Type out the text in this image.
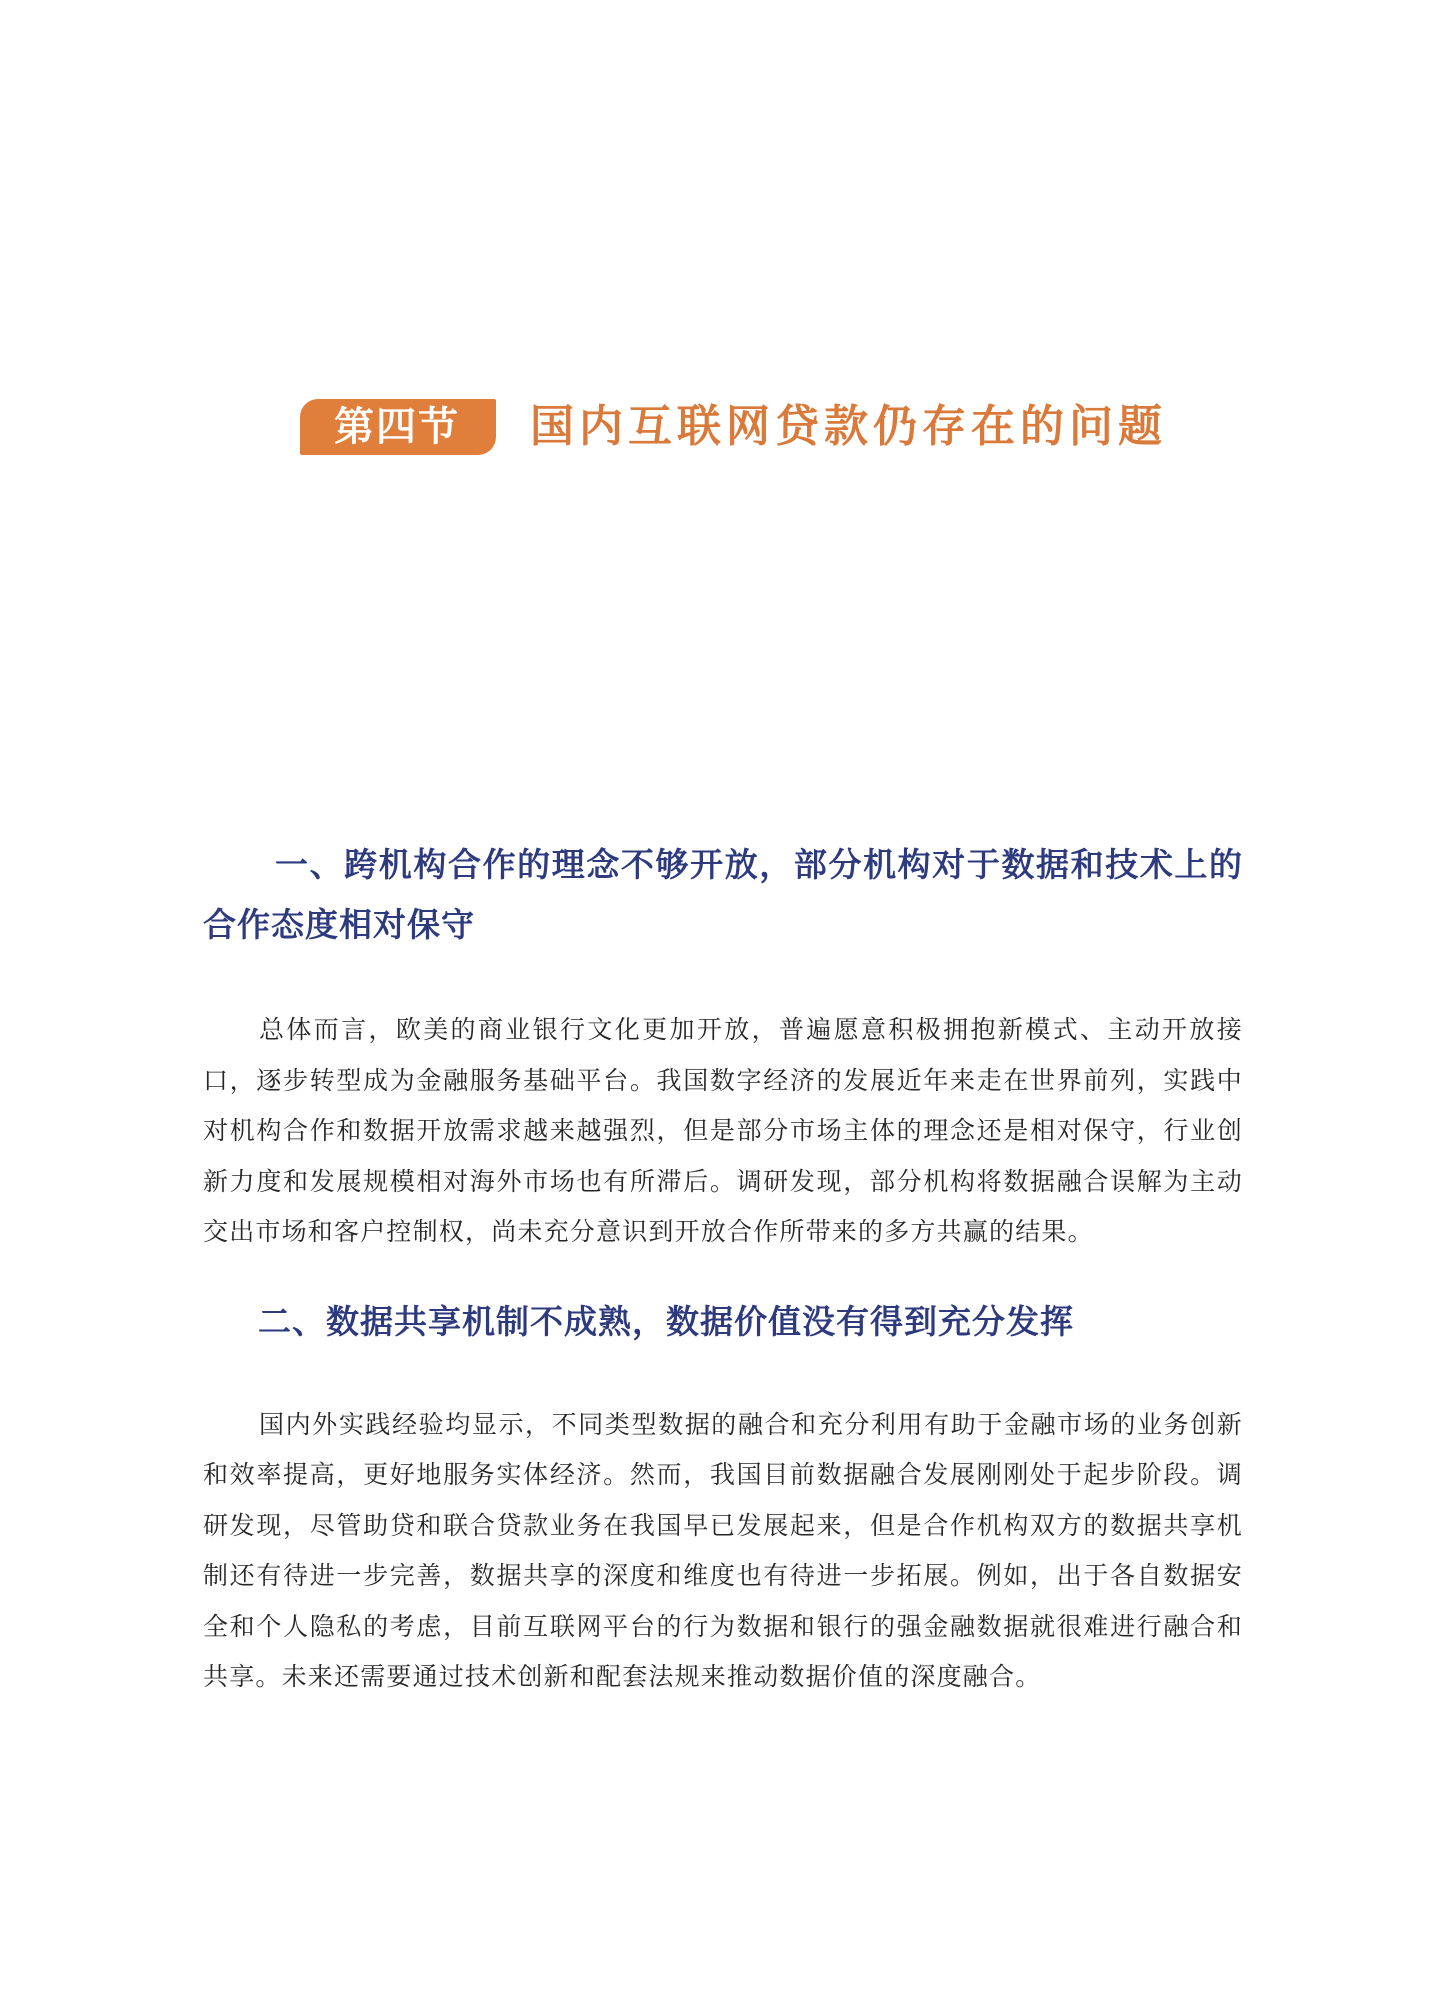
第四节	国内互联网贷款仍存在的问题
一、跨机构合作的理念不够开放，部分机构对于数据和技术上的合作态度相对保守

总体而言，欧美的商业银行文化更加开放，普遍愿意积极拥抱新模式、主动开放接口，逐步转型成为金融服务基础平台。我国数字经济的发展近年来走在世界前列，实践中对机构合作和数据开放需求越来越强烈，但是部分市场主体的理念还是相对保守，行业创新力度和发展规模相对海外市场也有所滞后。调研发现，部分机构将数据融合误解为主动交出市场和客户控制权，尚未充分意识到开放合作所带来的多方共赢的结果。

二、数据共享机制不成熟，数据价值没有得到充分发挥

国内外实践经验均显示，不同类型数据的融合和充分利用有助于金融市场的业务创新和效率提高，更好地服务实体经济。然而，我国目前数据融合发展刚刚处于起步阶段。调研发现，尽管助贷和联合贷款业务在我国早已发展起来，但是合作机构双方的数据共享机制还有待进一步完善，数据共享的深度和维度也有待进一步拓展。例如，出于各自数据安全和个人隐私的考虑，目前互联网平台的行为数据和银行的强金融数据就很难进行融合和共享。未来还需要通过技术创新和配套法规来推动数据价值的深度融合。
